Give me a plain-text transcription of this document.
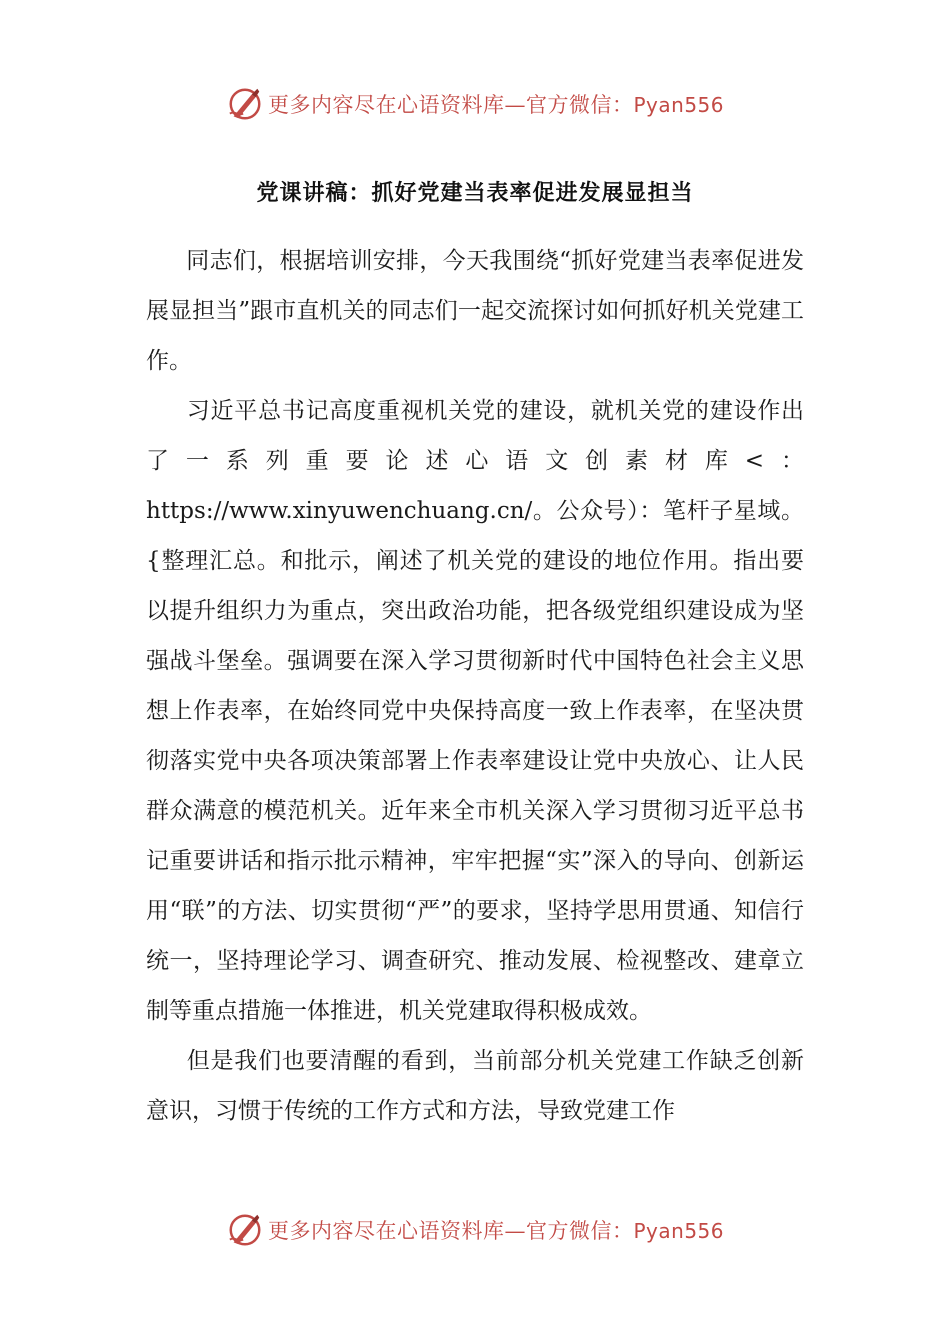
更多内容尽在心语资料库—官方微信：Pyan556
党课讲稿：抓好党建当表率促进发展显担当

同志们，根据培训安排，今天我围绕“抓好党建当表率促进发展显担当”跟市直机关的同志们一起交流探讨如何抓好机关党建工作。

习近平总书记高度重视机关党的建设，就机关党的建设作出了一系列重要论述心语文创素材库<：https://www.xinyuwenchuang.cn/。公众号）：笔杆子星域。{整理汇总。和批示，阐述了机关党的建设的地位作用。指出要以提升组织力为重点，突出政治功能，把各级党组织建设成为坚强战斗堡垒。强调要在深入学习贯彻新时代中国特色社会主义思想上作表率，在始终同党中央保持高度一致上作表率，在坚决贯彻落实党中央各项决策部署上作表率建设让党中央放心、让人民群众满意的模范机关。近年来全市机关深入学习贯彻习近平总书记重要讲话和指示批示精神，牢牢把握“实”深入的导向、创新运用“联”的方法、切实贯彻“严”的要求，坚持学思用贯通、知信行统一，坚持理论学习、调查研究、推动发展、检视整改、建章立制等重点措施一体推进，机关党建取得积极成效。

但是我们也要清醒的看到，当前部分机关党建工作缺乏创新意识，习惯于传统的工作方式和方法，导致党建工作

更多内容尽在心语资料库—官方微信：Pyan556
